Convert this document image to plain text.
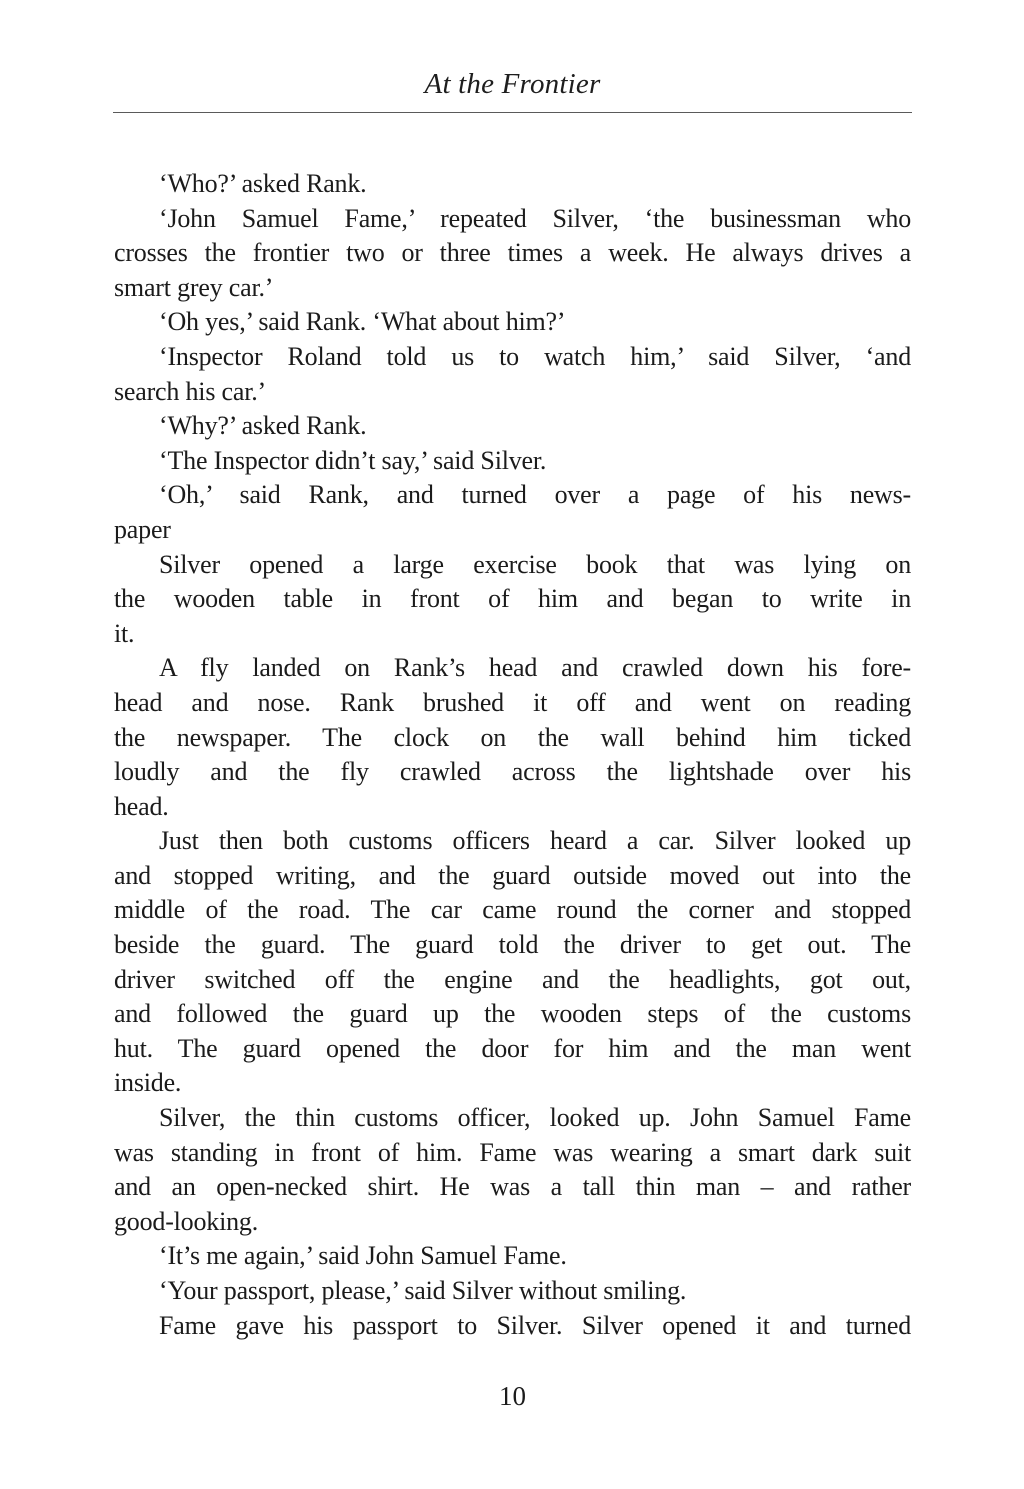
At the Frontier
‘Who?’ asked Rank.
‘John Samuel Fame,’ repeated Silver, ‘the businessman who
crosses the frontier two or three times a week. He always drives a
smart grey car.’
‘Oh yes,’ said Rank. ‘What about him?’
‘Inspector Roland told us to watch him,’ said Silver, ‘and
search his car.’
‘Why?’ asked Rank.
‘The Inspector didn’t say,’ said Silver.
‘Oh,’ said Rank, and turned over a page of his news-
paper
Silver opened a large exercise book that was lying on
the wooden table in front of him and began to write in
it.
A fly landed on Rank’s head and crawled down his fore-
head and nose. Rank brushed it off and went on reading
the newspaper. The clock on the wall behind him ticked
loudly and the fly crawled across the lightshade over his
head.
Just then both customs officers heard a car. Silver looked up
and stopped writing, and the guard outside moved out into the
middle of the road. The car came round the corner and stopped
beside the guard. The guard told the driver to get out. The
driver switched off the engine and the headlights, got out,
and followed the guard up the wooden steps of the customs
hut. The guard opened the door for him and the man went
inside.
Silver, the thin customs officer, looked up. John Samuel Fame
was standing in front of him. Fame was wearing a smart dark suit
and an open-necked shirt. He was a tall thin man – and rather
good-looking.
‘It’s me again,’ said John Samuel Fame.
‘Your passport, please,’ said Silver without smiling.
Fame gave his passport to Silver. Silver opened it and turned
10
